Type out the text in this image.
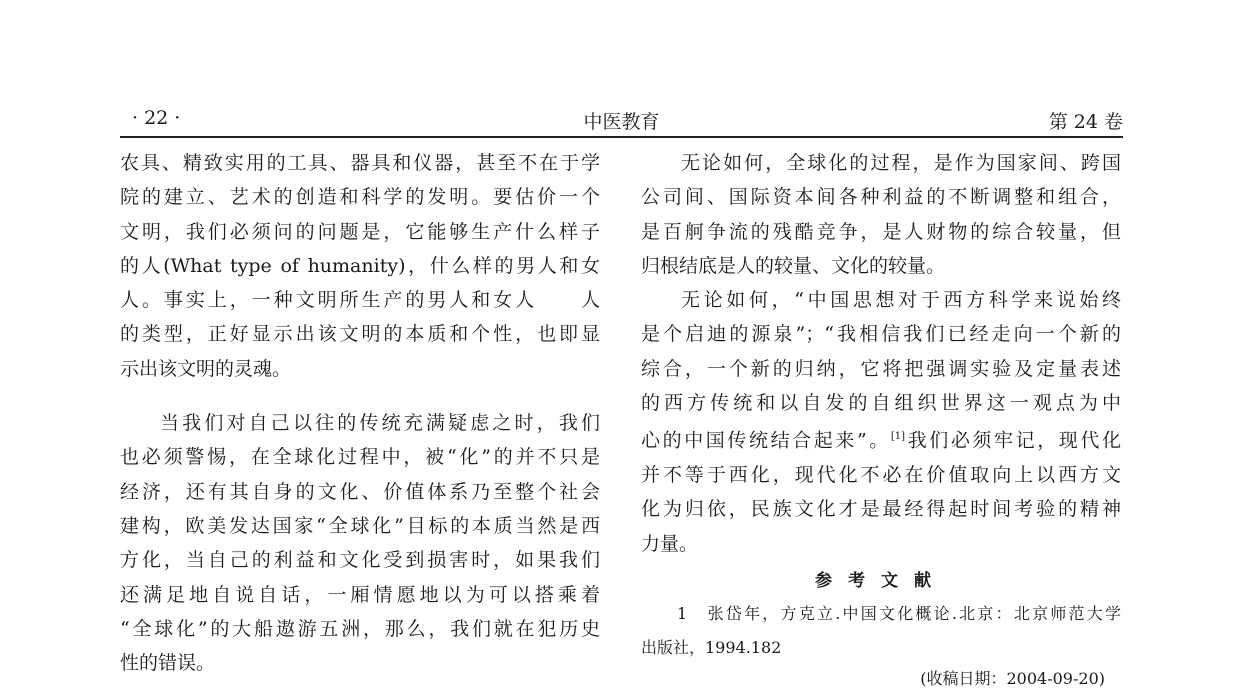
· 22 ·	中医教育	第 24 卷

农具、精致实用的工具、器具和仪器，甚至不在于学

院的建立、艺术的创造和科学的发明。要估价一个

文明，我们必须问的问题是，它能够生产什么样子

的人(What type of humanity)，什么样的男人和女

人。事实上，一种文明所生产的男人和女人　　人

的类型，正好显示出该文明的本质和个性，也即显

示出该文明的灵魂。

当我们对自己以往的传统充满疑虑之时，我们

也必须警惕，在全球化过程中，被“化”的并不只是

经济，还有其自身的文化、价值体系乃至整个社会

建构，欧美发达国家“全球化”目标的本质当然是西

方化，当自己的利益和文化受到损害时，如果我们

还满足地自说自话，一厢情愿地以为可以搭乘着

“全球化”的大船遨游五洲，那么，我们就在犯历史

性的错误。

无论如何，全球化的过程，是作为国家间、跨国

公司间、国际资本间各种利益的不断调整和组合，

是百舸争流的残酷竞争，是人财物的综合较量，但

归根结底是人的较量、文化的较量。

无论如何，“中国思想对于西方科学来说始终

是个启迪的源泉”；“我相信我们已经走向一个新的

综合，一个新的归纳，它将把强调实验及定量表述

的西方传统和以自发的自组织世界这一观点为中

心的中国传统结合起来”。[1]我们必须牢记，现代化

并不等于西化，现代化不必在价值取向上以西方文

化为归依，民族文化才是最经得起时间考验的精神

力量。

参考文献
1　张岱年，方克立.中国文化概论.北京：北京师范大学
出版社，1994.182
(收稿日期：2004-09-20)
